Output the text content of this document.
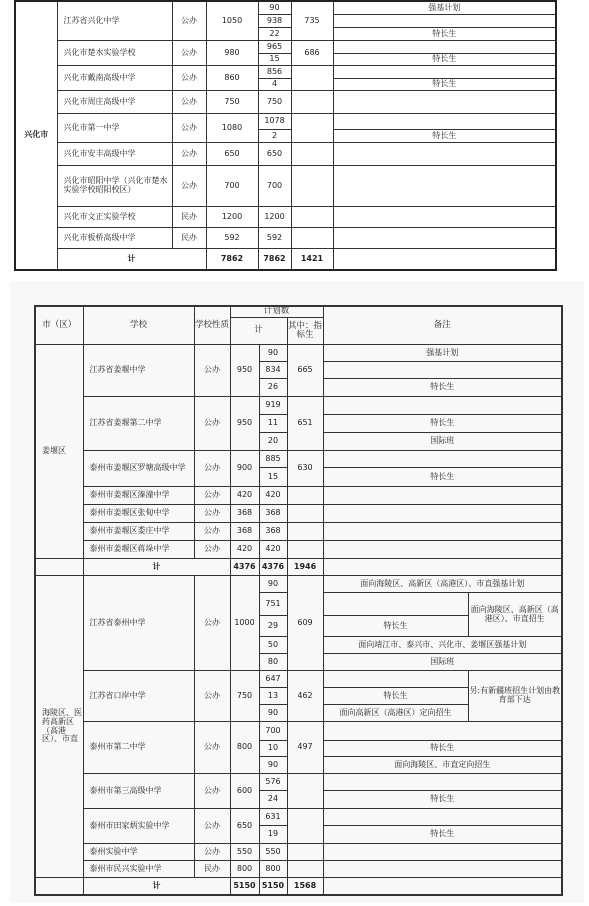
兴化市	江苏省兴化中学	公办	1050	90	735	强基计划
				938		
				22		特长生
	兴化市楚水实验学校	公办	980	965	686	
				15		特长生
	兴化市戴南高级中学	公办	860	856		
				4		特长生
	兴化市周庄高级中学	公办	750	750		
	兴化市第一中学	公办	1080	1078		
				2		特长生
	兴化市安丰高级中学	公办	650	650		
	兴化市昭阳中学（兴化市楚水实验学校昭阳校区）	公办	700	700		
	兴化市文正实验学校	民办	1200	1200		
	兴化市板桥高级中学	民办	592	592		
	计		7862	7862	1421	
市（区）	学校	学校性质	计划数			备注	
			计		其中：指标生		
姜堰区	江苏省姜堰中学	公办	950	90	665	强基计划	
				834			
				26		特长生	
	江苏省姜堰第二中学	公办	950	919	651		
				11		特长生	
				20		国际班	
	泰州市姜堰区罗塘高级中学	公办	900	885	630		
				15		特长生	
	泰州市姜堰区溱潼中学	公办	420	420			
	泰州市姜堰区张甸中学	公办	368	368			
	泰州市姜堰区娄庄中学	公办	368	368			
	泰州市姜堰区蒋垛中学	公办	420	420			
	计		4376	4376	1946		
海陵区、医药高新区（高港区）、市直	江苏省泰州中学	公办	1000	90	609	面向海陵区、高新区（高港区）、市直强基计划	
				751			面向海陵区、高新区（高港区）、市直招生
				29		特长生	
				50		面向靖江市、泰兴市、兴化市、姜堰区强基计划	
				80		国际班	
	江苏省口岸中学	公办	750	647	462		另:有新疆班招生计划由教育部下达
				13		特长生	
				90		面向高新区（高港区）定向招生	
	泰州市第二中学	公办	800	700	497		
				10		特长生	
				90		面向海陵区、市直定向招生	
	泰州市第三高级中学	公办	600	576			
				24		特长生	
	泰州市田家炳实验中学	公办	650	631			
				19		特长生	
	泰州实验中学	公办	550	550			
	泰州市民兴实验中学	民办	800	800			
	计		5150	5150	1568		
